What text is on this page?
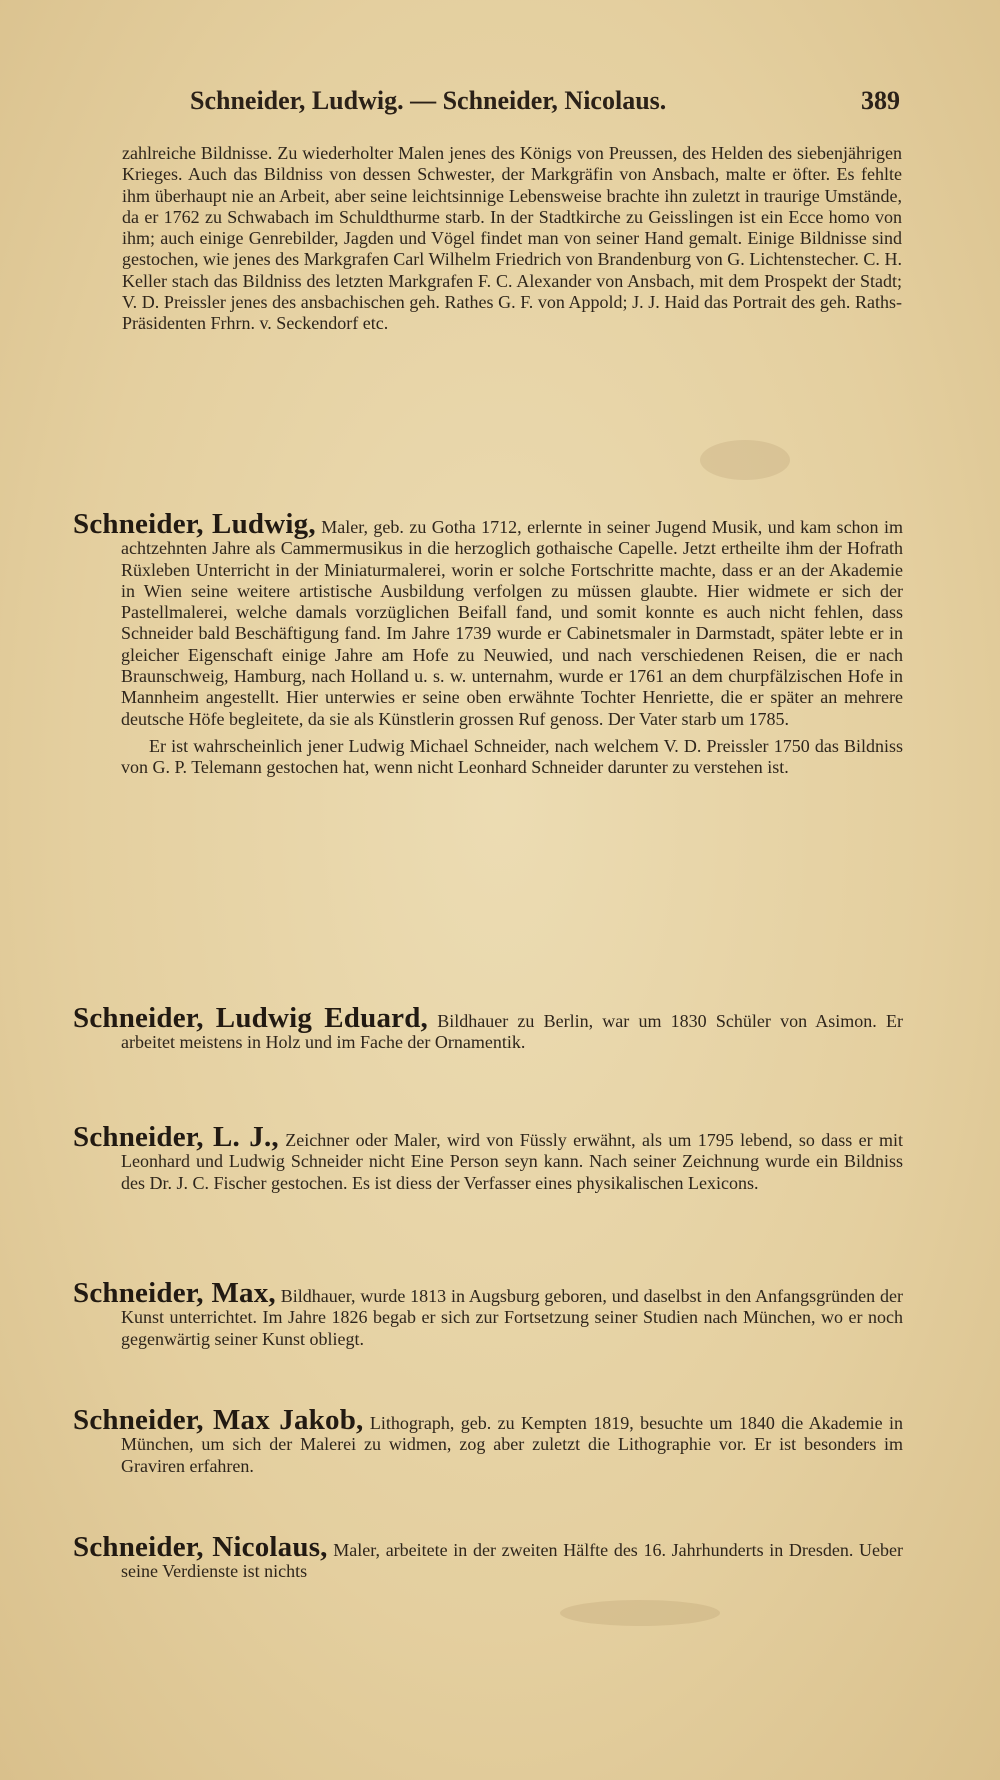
Schneider, Ludwig. — Schneider, Nicolaus.	389
zahlreiche Bildnisse. Zu wiederholter Malen jenes des Königs von Preussen, des Helden des siebenjährigen Krieges. Auch das Bildniss von dessen Schwester, der Markgräfin von Ansbach, malte er öfter. Es fehlte ihm überhaupt nie an Arbeit, aber seine leichtsinnige Lebensweise brachte ihn zuletzt in traurige Umstände, da er 1762 zu Schwabach im Schuldthurme starb. In der Stadtkirche zu Geisslingen ist ein Ecce homo von ihm; auch einige Genrebilder, Jagden und Vögel findet man von seiner Hand gemalt. Einige Bildnisse sind gestochen, wie jenes des Markgrafen Carl Wilhelm Friedrich von Brandenburg von G. Lichtenstecher. C. H. Keller stach das Bildniss des letzten Markgrafen F. C. Alexander von Ansbach, mit dem Prospekt der Stadt; V. D. Preissler jenes des ansbachischen geh. Rathes G. F. von Appold; J. J. Haid das Portrait des geh. Raths-Präsidenten Frhrn. v. Seckendorf etc.

Schneider, Ludwig, Maler, geb. zu Gotha 1712, erlernte in seiner Jugend Musik, und kam schon im achtzehnten Jahre als Cammermusikus in die herzoglich gothaische Capelle. Jetzt ertheilte ihm der Hofrath Rüxleben Unterricht in der Miniaturmalerei, worin er solche Fortschritte machte, dass er an der Akademie in Wien seine weitere artistische Ausbildung verfolgen zu müssen glaubte. Hier widmete er sich der Pastellmalerei, welche damals vorzüglichen Beifall fand, und somit konnte es auch nicht fehlen, dass Schneider bald Beschäftigung fand. Im Jahre 1739 wurde er Cabinetsmaler in Darmstadt, später lebte er in gleicher Eigenschaft einige Jahre am Hofe zu Neuwied, und nach verschiedenen Reisen, die er nach Braunschweig, Hamburg, nach Holland u. s. w. unternahm, wurde er 1761 an dem churpfälzischen Hofe in Mannheim angestellt. Hier unterwies er seine oben erwähnte Tochter Henriette, die er später an mehrere deutsche Höfe begleitete, da sie als Künstlerin grossen Ruf genoss. Der Vater starb um 1785.

Er ist wahrscheinlich jener Ludwig Michael Schneider, nach welchem V. D. Preissler 1750 das Bildniss von G. P. Telemann gestochen hat, wenn nicht Leonhard Schneider darunter zu verstehen ist.

Schneider, Ludwig Eduard, Bildhauer zu Berlin, war um 1830 Schüler von Asimon. Er arbeitet meistens in Holz und im Fache der Ornamentik.

Schneider, L. J., Zeichner oder Maler, wird von Füssly erwähnt, als um 1795 lebend, so dass er mit Leonhard und Ludwig Schneider nicht Eine Person seyn kann. Nach seiner Zeichnung wurde ein Bildniss des Dr. J. C. Fischer gestochen. Es ist diess der Verfasser eines physikalischen Lexicons.

Schneider, Max, Bildhauer, wurde 1813 in Augsburg geboren, und daselbst in den Anfangsgründen der Kunst unterrichtet. Im Jahre 1826 begab er sich zur Fortsetzung seiner Studien nach München, wo er noch gegenwärtig seiner Kunst obliegt.

Schneider, Max Jakob, Lithograph, geb. zu Kempten 1819, besuchte um 1840 die Akademie in München, um sich der Malerei zu widmen, zog aber zuletzt die Lithographie vor. Er ist besonders im Graviren erfahren.

Schneider, Nicolaus, Maler, arbeitete in der zweiten Hälfte des 16. Jahrhunderts in Dresden. Ueber seine Verdienste ist nichts
